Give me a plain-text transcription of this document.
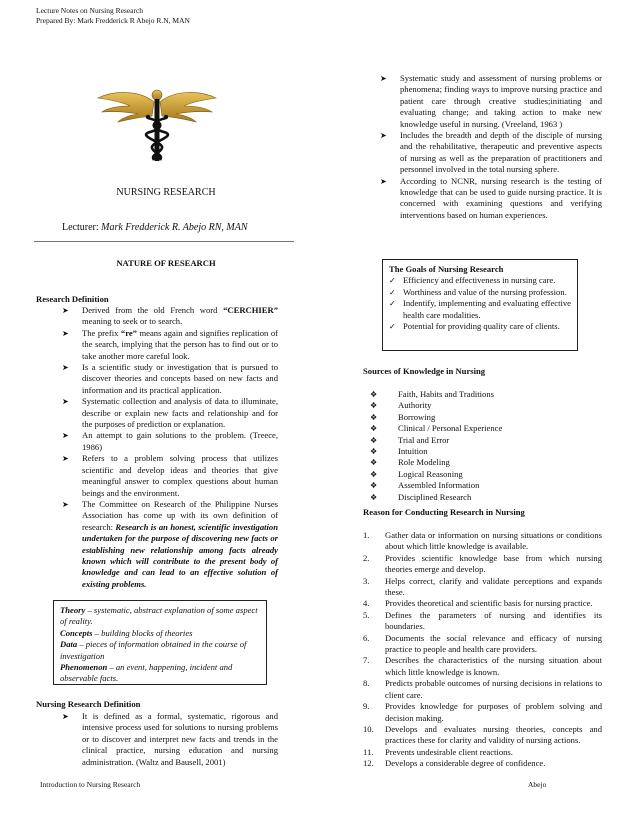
Lecture Notes on Nursing Research
Prepared By: Mark Fredderick R Abejo R.N, MAN
NURSING RESEARCH
Lecturer: Mark Fredderick R. Abejo RN, MAN
NATURE OF RESEARCH
Research Definition
➤ Derived from the old French word “CERCHIER” meaning to seek or to search.
➤ The prefix “re” means again and signifies replication of the search, implying that the person has to find out or to take another more careful look.
➤ Is a scientific study or investigation that is pursued to discover theories and concepts based on new facts and information and its practical application.
➤ Systematic collection and analysis of data to illuminate, describe or explain new facts and relationship and for the purposes of prediction or explanation.
➤ An attempt to gain solutions to the problem. (Treece, 1986)
➤ Refers to a problem solving process that utilizes scientific and develop ideas and theories that give meaningful answer to complex questions about human beings and the environment.
➤ The Committee on Research of the Philippine Nurses Association has come up with its own definition of research: Research is an honest, scientific investigation undertaken for the purpose of discovering new facts or establishing new relationship among facts already known which will contribute to the present body of knowledge and can lead to an effective solution of existing problems.

Theory – systematic, abstract explanation of some aspect of reality.

Concepts – building blocks of theories

Data – pieces of information obtained in the course of investigation

Phenomenon – an event, happening, incident and observable facts.

Nursing Research Definition
➤ It is defined as a formal, systematic, rigorous and intensive process used for solutions to nursing problems or to discover and interpret new facts and trends in the clinical practice, nursing education and nursing administration. (Waltz and Bausell, 2001)
➤ Systematic study and assessment of nursing problems or phenomena; finding ways to improve nursing practice and patient care through creative studies;initiating and evaluating change; and taking action to make new knowledge useful in nursing. (Vreeland, 1963 )
➤ Includes the breadth and depth of the disciple of nursing and the rehabilitative, therapeutic and preventive aspects of nursing as well as the preparation of practitioners and personnel involved in the total nursing sphere.
➤ According to NCNR, nursing research is the testing of knowledge that can be used to guide nursing practice. It is concerned with examining questions and verifying interventions based on human experiences.
The Goals of Nursing Research
✓ Efficiency and effectiveness in nursing care.
✓ Worthiness and value of the nursing profession.
✓ Indentify, implementing and evaluating effective health care modalities.
✓ Potential for providing quality care of clients.
Sources of Knowledge in Nursing
❖ Faith, Habits and Traditions
❖ Authority
❖ Borrowing
❖ Clinical / Personal Experience
❖ Trial and Error
❖ Intuition
❖ Role Modeling
❖ Logical Reasoning
❖ Assembled Information
❖ Disciplined Research
Reason for Conducting Research in Nursing
1. Gather data or information on nursing situations or conditions about which little knowledge is available.
2. Provides scientific knowledge base from which nursing theories emerge and develop.
3. Helps correct, clarify and validate perceptions and expands these.
4. Provides theoretical and scientific basis for nursing practice.
5. Defines the parameters of nursing and identifies its boundaries.
6. Documents the social relevance and efficacy of nursing practice to people and health care providers.
7. Describes the characteristics of the nursing situation about which little knowledge is known.
8. Predicts probable outcomes of nursing decisions in relations to client care.
9. Provides knowledge for purposes of problem solving and decision making.
10. Develops and evaluates nursing theories, concepts and practices these for clarity and validity of nursing actions.
11. Prevents undesirable client reactions.
12. Develops a considerable degree of confidence.
Introduction to Nursing Research	Abejo
